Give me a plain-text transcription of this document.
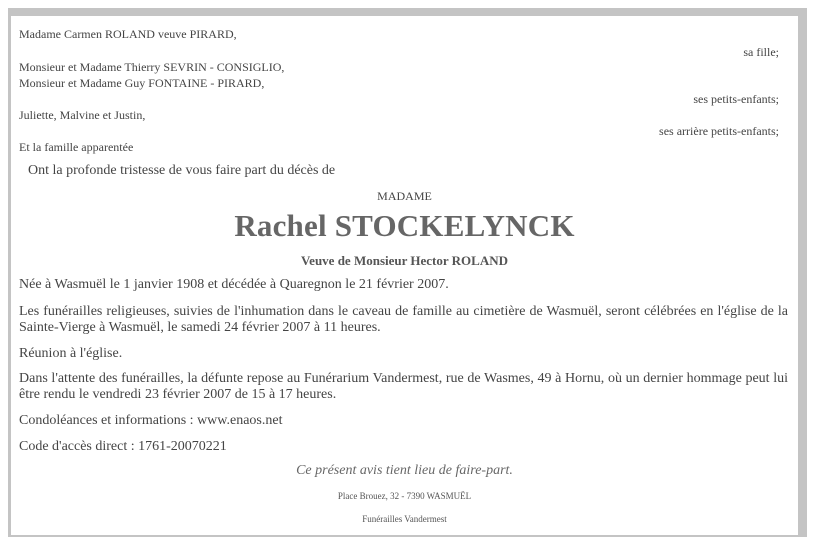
Madame Carmen ROLAND veuve PIRARD,
sa fille;
Monsieur et Madame Thierry SEVRIN - CONSIGLIO,
Monsieur et Madame Guy FONTAINE - PIRARD,
ses petits-enfants;
Juliette, Malvine et Justin,
ses arrière petits-enfants;
Et la famille apparentée
Ont la profonde tristesse de vous faire part du décès de
MADAME
Rachel STOCKELYNCK
Veuve de Monsieur Hector ROLAND
Née à Wasmuël le 1 janvier 1908 et décédée à Quaregnon le 21 février 2007.
Les funérailles religieuses, suivies de l'inhumation dans le caveau de famille au cimetière de Wasmuël, seront célébrées en l'église de la Sainte-Vierge à Wasmuël, le samedi 24 février 2007 à 11 heures.
Réunion à l'église.
Dans l'attente des funérailles, la défunte repose au Funérarium Vandermest, rue de Wasmes, 49 à Hornu, où un dernier hommage peut lui être rendu le vendredi 23 février 2007 de 15 à 17 heures.
Condoléances et informations : www.enaos.net
Code d'accès direct : 1761-20070221
Ce présent avis tient lieu de faire-part.
Place Brouez, 32 - 7390 WASMUËL
Funérailles Vandermest
